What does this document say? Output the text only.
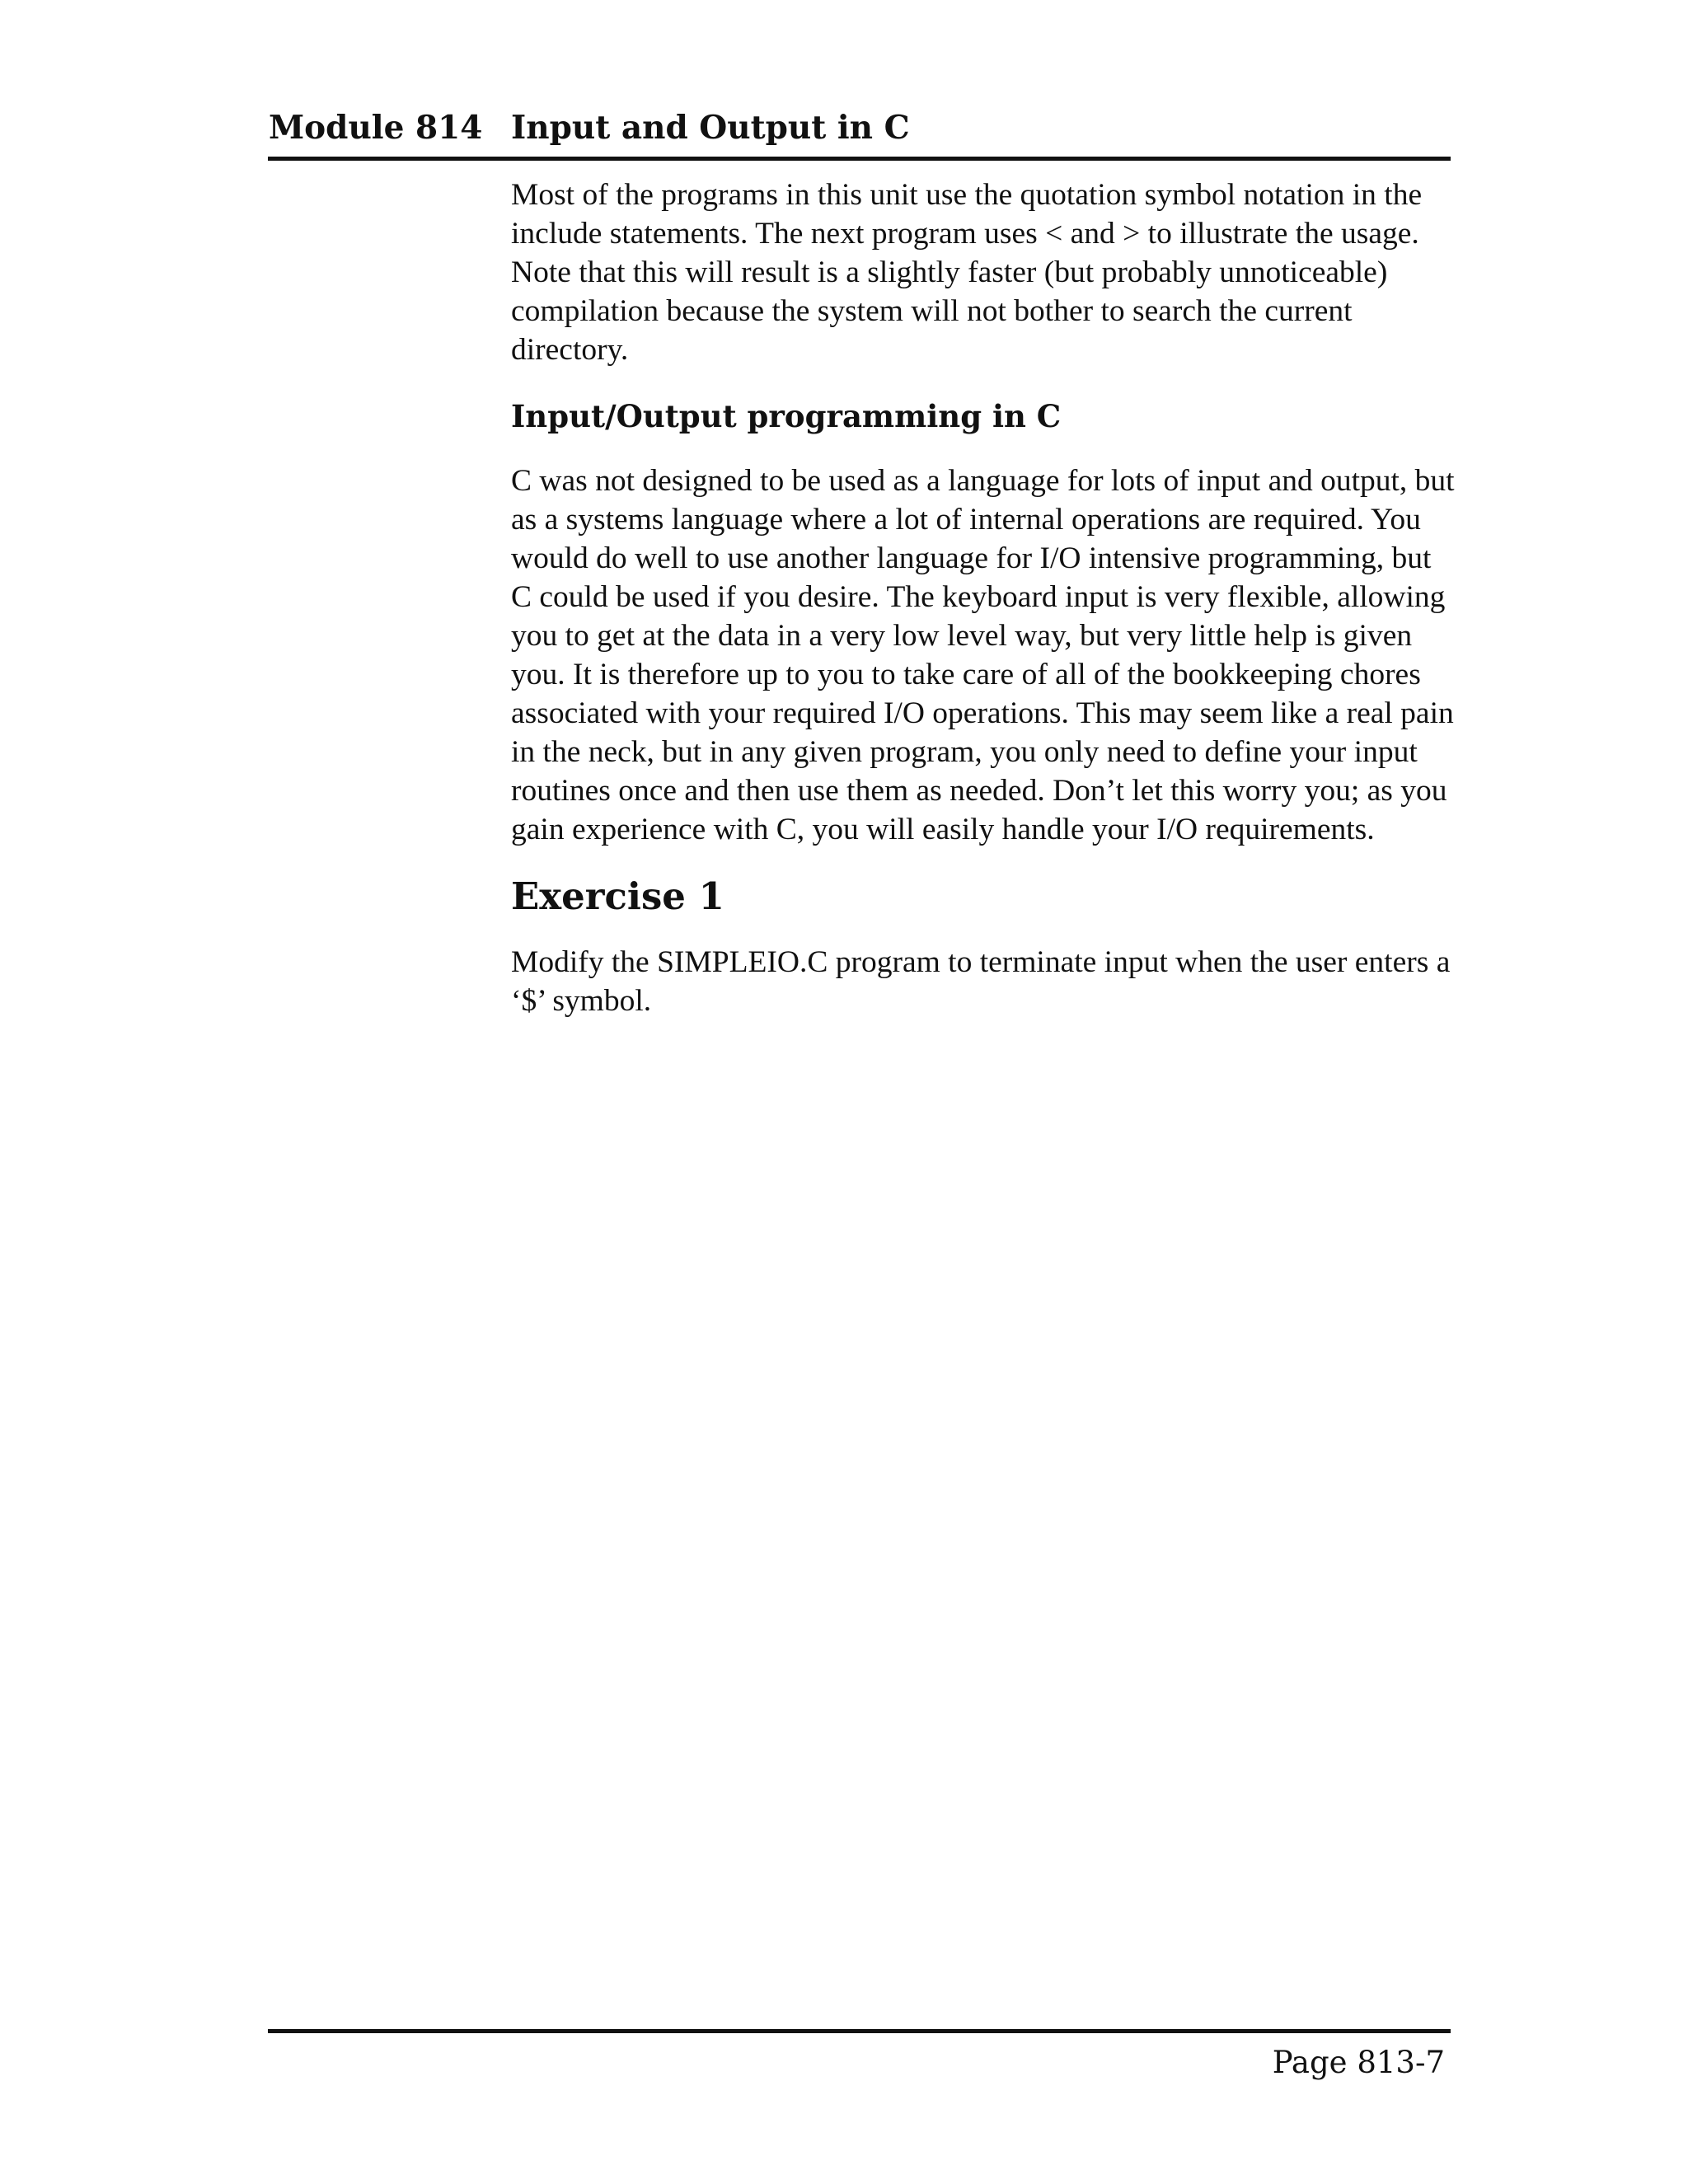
Module 814 Input and Output in C

Most of the programs in this unit use the quotation symbol notation in the include statements. The next program uses < and > to illustrate the usage. Note that this will result is a slightly faster (but probably unnoticeable) compilation because the system will not bother to search the current directory.

Input/Output programming in C

C was not designed to be used as a language for lots of input and output, but as a systems language where a lot of internal operations are required. You would do well to use another language for I/O intensive programming, but C could be used if you desire. The keyboard input is very flexible, allowing you to get at the data in a very low level way, but very little help is given you. It is therefore up to you to take care of all of the bookkeeping chores associated with your required I/O operations. This may seem like a real pain in the neck, but in any given program, you only need to define your input routines once and then use them as needed. Don’t let this worry you; as you gain experience with C, you will easily handle your I/O requirements.

Exercise 1

Modify the SIMPLEIO.C program to terminate input when the user enters a ‘$’ symbol.

Page 813-7
